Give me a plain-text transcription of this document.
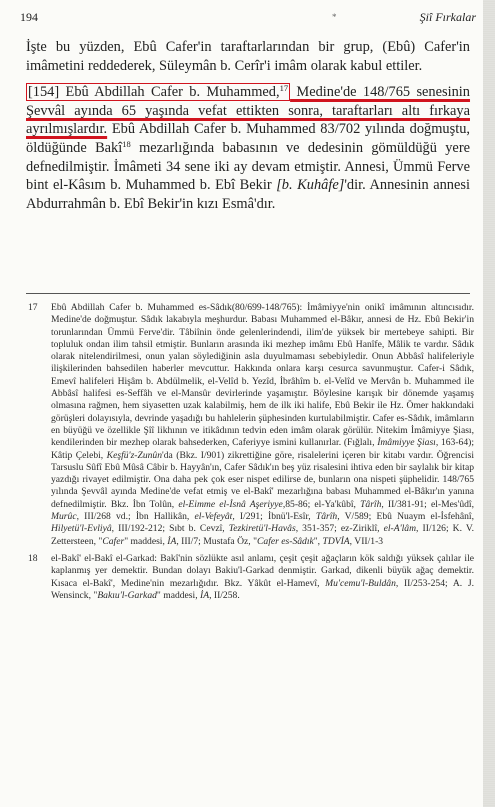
194	*	Şiî Fırkalar

İşte bu yüzden, Ebû Cafer'in taraftarlarından bir grup, (Ebû) Cafer'in imâmetini reddederek, Süleymân b. Cerîr'i imâm olarak kabul ettiler.

[154] Ebû Abdillah Cafer b. Muhammed,$^{17}$ Medine'de 148/765 senesinin Şevvâl ayında 65 yaşında vefat ettikten sonra, taraftarları altı fırkaya ayrılmışlardır. Ebû Abdillah Cafer b. Muhammed 83/702 yılında doğmuştu, öldüğünde Bakî$^{18}$ mezarlığında babasının ve dedesinin gömüldüğü yere defnedilmiştir. İmâmeti 34 sene iki ay devam etmiştir. Annesi, Ümmü Ferve bint el-Kâsım b. Muhammed b. Ebî Bekir [b. Kuhâfe]'dir. Annesinin annesi Abdurrahmân b. Ebî Bekir'in kızı Esmâ'dır.

17 Ebû Abdillah Cafer b. Muhammed es-Sâdık(80/699-148/765): İmâmiyye'nin onikî imâmının altıncısıdır. Medine'de doğmuştur. Sâdık lakabıyla meşhurdur. Babası Muhammed el-Bâkır, annesi de Hz. Ebû Bekir'in torunlarından Ümmü Ferve'dir. Tâbiînin önde gelenlerindendi, ilim'de yüksek bir mertebeye sahipti. Bir topluluk ondan ilim tahsil etmiştir. Bunların arasında iki mezhep imâmı Ebû Hanîfe, Mâlik te vardır. Sâdık olarak nitelendirilmesi, onun yalan söylediğinin asla duyulmaması sebebiyledir. Onun Abbâsî halifeleriyle ilişkilerinden bahsedilen haberler mevcuttur. Hakkında onlara karşı cesurca savunmuştur. Cafer-i Sâdık, Emevî halifeleri Hişâm b. Abdülmelik, el-Velîd b. Yezîd, İbrâhîm b. el-Velîd ve Mervân b. Muhammed ile Abbâsî halifesi es-Seffâh ve el-Mansûr devirlerinde yaşamıştır. Böylesine karışık bir dönemde yaşamış olmasına rağmen, hem siyasetten uzak kalabilmiş, hem de ilk iki halife, Ebû Bekir ile Hz. Ömer hakkındaki görüşleri dolayısıyla, devrinde yaşadığı bu hahlelerin şüphesinden kurtulabilmiştir. Cafer es-Sâdık, imâmların en büyüğü ve özellikle Şîî likhının ve itikâdının tedvin eden imâm olarak görülür. Nitekim İmâmiyye Şiası, kendilerinden bir mezhep olarak bahsederken, Caferiyye ismini kullanırlar. (Fığlalı, İmâmiyye Şiası, 163-64); Kâtip Çelebi, Keşfü'z-Zunûn'da (Bkz. I/901) zikrettiğine göre, risalelerini içeren bir kitabı vardır. Öğrencisi Tarsuslu Sûfî Ebû Mûsâ Câbir b. Hayyân'ın, Cafer Sâdık'ın beş yüz risalesini ihtiva eden bir saylalık bir kitap yazdığı rivayet edilmiştir. Ona daha pek çok eser nispet edilirse de, bunların ona nispeti şüphelidir. 148/765 yılında Şevvâl ayında Medine'de vefat etmiş ve el-Bakî' mezarlığına babası Muhammed el-Bâkır'ın yanına defnedilmiştir. Bkz. İbn Tolûn, el-Eimme el-İsnâ Aşeriyye,85-86; el-Ya'kûbî, Târîh, II/381-91; el-Mes'ûdî, Murûc, III/268 vd.; İbn Hallikân, el-Vefeyât, I/291; İbnü'l-Esîr, Târîh, V/589; Ebû Nuaym el-İsfehânî, Hilyetü'l-Evliyâ, III/192-212; Sıbt b. Cevzî, Tezkiretü'l-Havâs, 351-357; ez-Ziriklî, el-A'lâm, II/126; K. V. Zettersteen, "Cafer" maddesi, İA, III/7; Mustafa Öz, "Cafer es-Sâdık", TDVİA, VII/1-3
18 el-Bakî' el-Bakî el-Garkad: Bakî'nin sözlükte asıl anlamı, çeşit çeşit ağaçların kök saldığı yüksek çalılar ile kaplanmış yer demektir. Bundan dolayı Bakiu'l-Garkad denmiştir. Garkad, dikenli büyük ağaç demektir. Kısaca el-Bakî', Medine'nin mezarlığıdır. Bkz. Yâkût el-Hamevî, Mu'cemu'l-Buldân, II/253-254; A. J. Wensinck, "Bakıu'l-Garkad" maddesi, İA, II/258.
